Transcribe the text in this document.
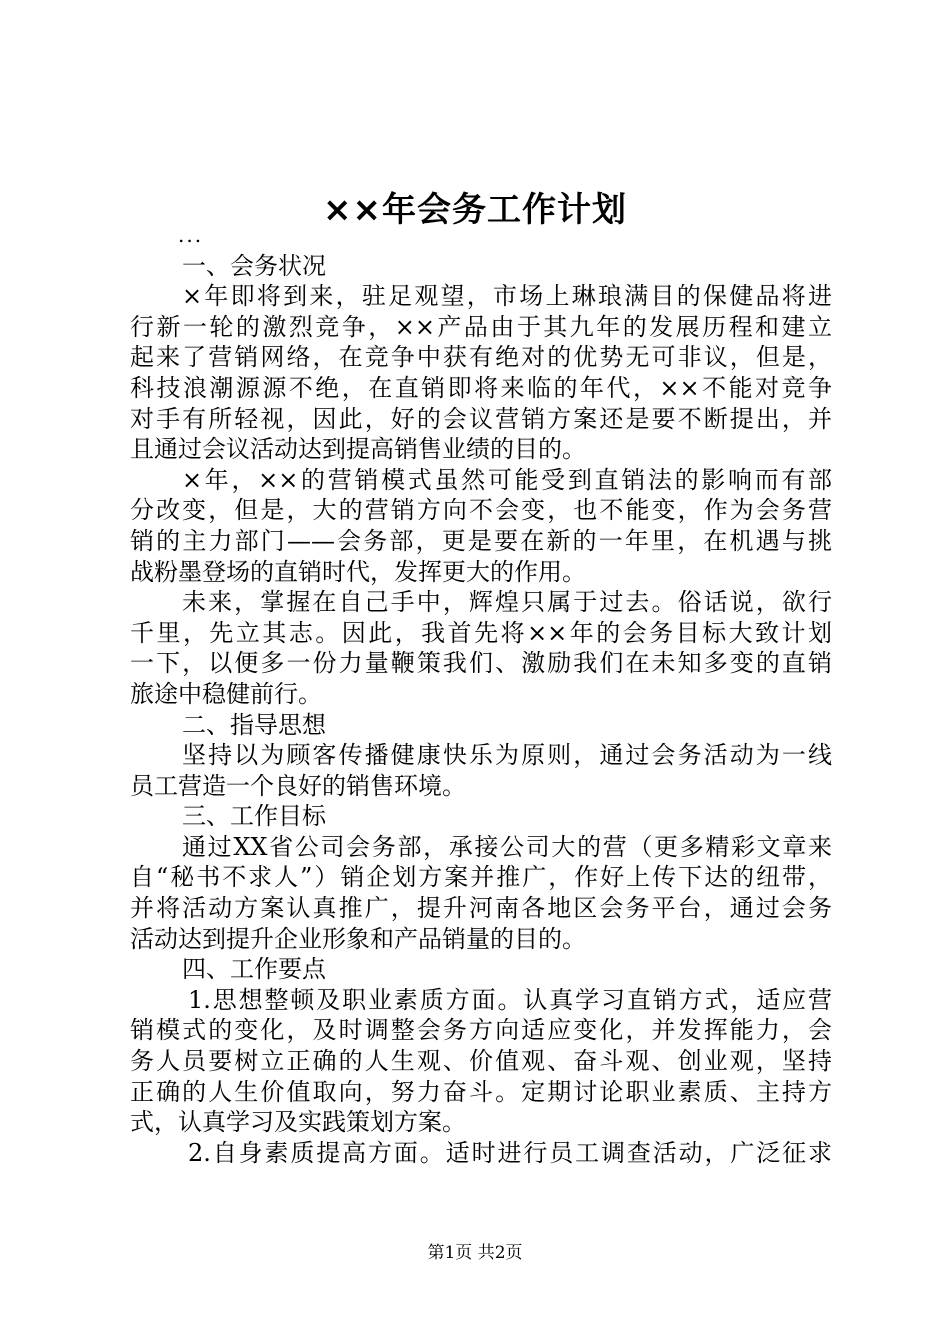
××年会务工作计划
...
一、会务状况
×年即将到来，驻足观望，市场上琳琅满目的保健品将进
行新一轮的激烈竞争，××产品由于其九年的发展历程和建立
起来了营销网络，在竞争中获有绝对的优势无可非议，但是，
科技浪潮源源不绝，在直销即将来临的年代，××不能对竞争
对手有所轻视，因此，好的会议营销方案还是要不断提出，并
且通过会议活动达到提高销售业绩的目的。
×年，××的营销模式虽然可能受到直销法的影响而有部
分改变，但是，大的营销方向不会变，也不能变，作为会务营
销的主力部门——会务部，更是要在新的一年里，在机遇与挑
战粉墨登场的直销时代，发挥更大的作用。
未来，掌握在自己手中，辉煌只属于过去。俗话说，欲行
千里，先立其志。因此，我首先将××年的会务目标大致计划
一下，以便多一份力量鞭策我们、激励我们在未知多变的直销
旅途中稳健前行。
二、指导思想
坚持以为顾客传播健康快乐为原则，通过会务活动为一线
员工营造一个良好的销售环境。
三、工作目标
通过XX省公司会务部，承接公司大的营（更多精彩文章来
自“秘书不求人”）销企划方案并推广，作好上传下达的纽带，
并将活动方案认真推广，提升河南各地区会务平台，通过会务
活动达到提升企业形象和产品销量的目的。
四、工作要点
1.思想整顿及职业素质方面。认真学习直销方式，适应营
销模式的变化，及时调整会务方向适应变化，并发挥能力，会
务人员要树立正确的人生观、价值观、奋斗观、创业观，坚持
正确的人生价值取向，努力奋斗。定期讨论职业素质、主持方
式，认真学习及实践策划方案。
2.自身素质提高方面。适时进行员工调查活动，广泛征求
第1页 共2页
